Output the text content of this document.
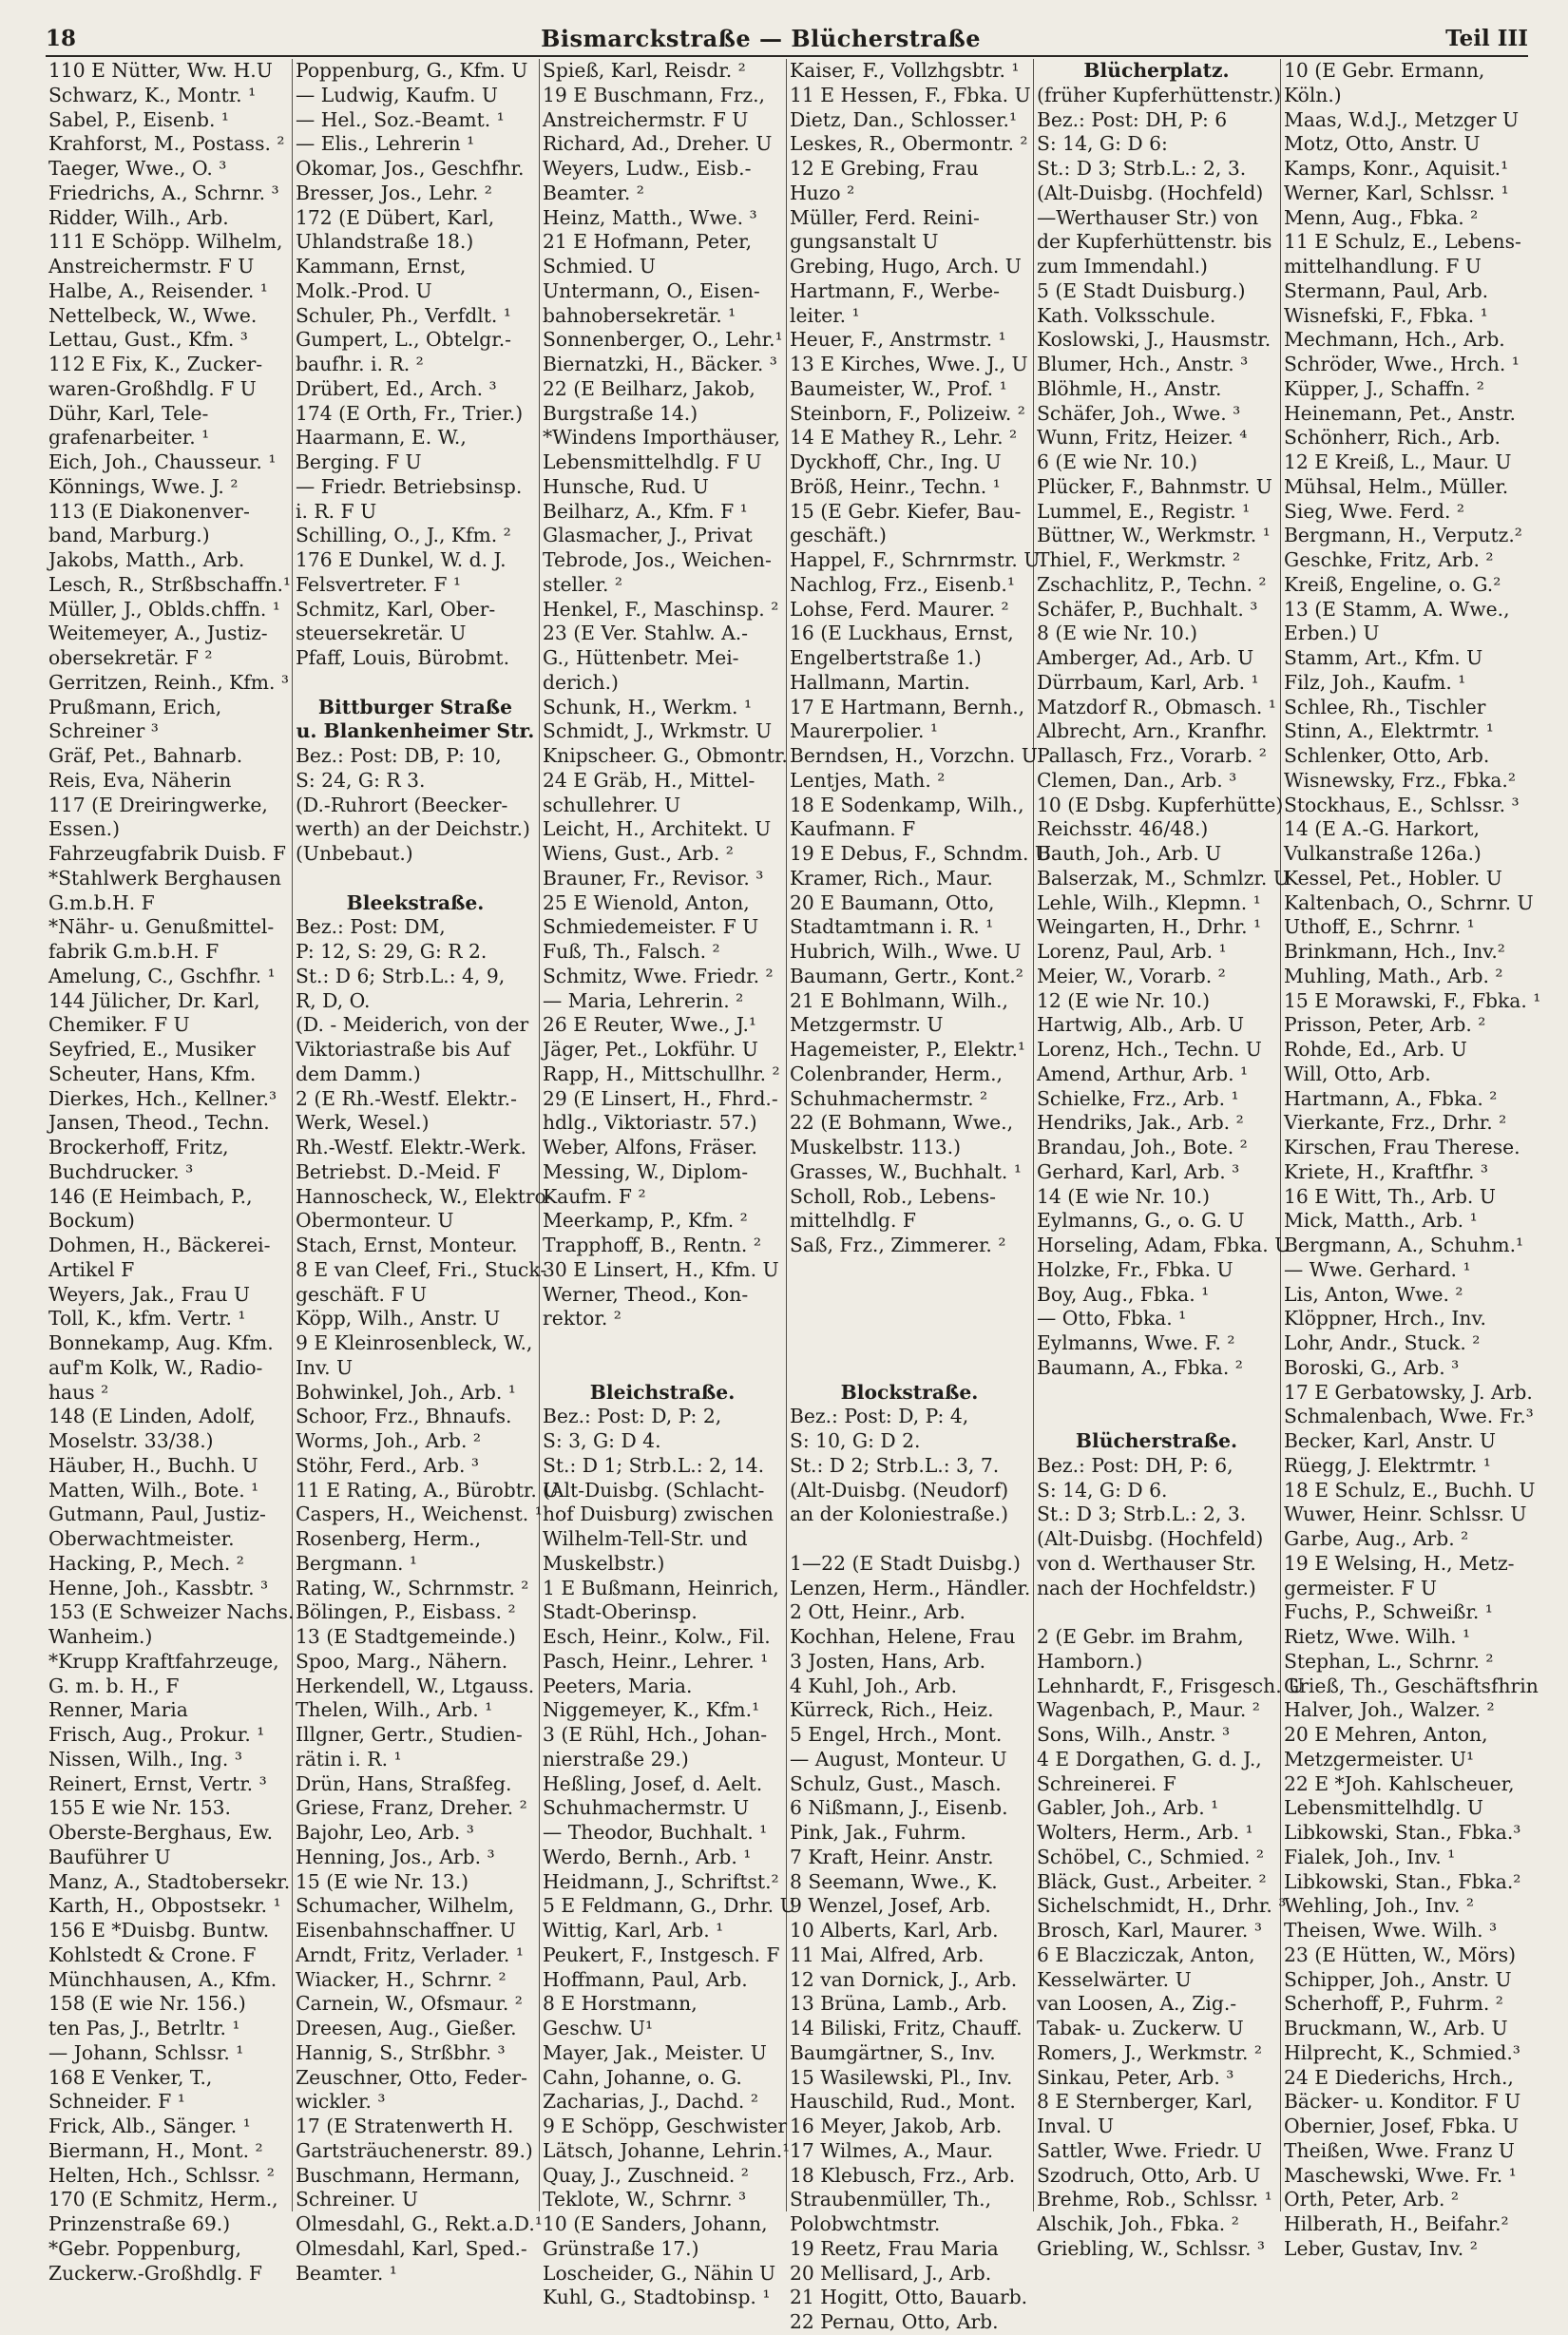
18	Bismarckstraße — Blücherstraße	Teil III
110 E Nütter, Ww. H.U
Schwarz, K., Montr. ¹
Sabel, P., Eisenb. ¹
Krahforst, M., Postass. ²
Taeger, Wwe., O. ³
Friedrichs, A., Schrnr. ³
Ridder, Wilh., Arb.
111 E Schöpp. Wilhelm,
Anstreichermstr. F U
Halbe, A., Reisender. ¹
Nettelbeck, W., Wwe.
Lettau, Gust., Kfm. ³
112 E Fix, K., Zucker-
waren-Großhdlg. F U
Dühr, Karl, Tele-
grafenarbeiter. ¹
Eich, Joh., Chausseur. ¹
Könnings, Wwe. J. ²
113 (E Diakonenver-
band, Marburg.)
Jakobs, Matth., Arb.
Lesch, R., Strßbschaffn.¹
Müller, J., Oblds.chffn. ¹
Weitemeyer, A., Justiz-
obersekretär. F ²
Gerritzen, Reinh., Kfm. ³
Prußmann, Erich,
Schreiner ³
Gräf, Pet., Bahnarb.
Reis, Eva, Näherin
117 (E Dreiringwerke,
Essen.)
Fahrzeugfabrik Duisb. F
*Stahlwerk Berghausen
G.m.b.H. F
*Nähr- u. Genußmittel-
fabrik G.m.b.H. F
Amelung, C., Gschfhr. ¹
144 Jülicher, Dr. Karl,
Chemiker. F U
Seyfried, E., Musiker
Scheuter, Hans, Kfm.
Dierkes, Hch., Kellner.³
Jansen, Theod., Techn.
Brockerhoff, Fritz,
Buchdrucker. ³
146 (E Heimbach, P.,
Bockum)
Dohmen, H., Bäckerei-
Artikel F
Weyers, Jak., Frau U
Toll, K., kfm. Vertr. ¹
Bonnekamp, Aug. Kfm.
auf'm Kolk, W., Radio-
haus ²
148 (E Linden, Adolf,
Moselstr. 33/38.)
Häuber, H., Buchh. U
Matten, Wilh., Bote. ¹
Gutmann, Paul, Justiz-
Oberwachtmeister.
Hacking, P., Mech. ²
Henne, Joh., Kassbtr. ³
153 (E Schweizer Nachs.
Wanheim.)
*Krupp Kraftfahrzeuge,
G. m. b. H., F
Renner, Maria
Frisch, Aug., Prokur. ¹
Nissen, Wilh., Ing. ³
Reinert, Ernst, Vertr. ³
155 E wie Nr. 153.
Oberste-Berghaus, Ew.
Bauführer U
Manz, A., Stadtobersekr.
Karth, H., Obpostsekr. ¹
156 E *Duisbg. Buntw.
Kohlstedt & Crone. F
Münchhausen, A., Kfm.
158 (E wie Nr. 156.)
ten Pas, J., Betrltr. ¹
— Johann, Schlssr. ¹
168 E Venker, T.,
Schneider. F ¹
Frick, Alb., Sänger. ¹
Biermann, H., Mont. ²
Helten, Hch., Schlssr. ²
170 (E Schmitz, Herm.,
Prinzenstraße 69.)
*Gebr. Poppenburg,
Zuckerw.-Großhdlg. F
Poppenburg, G., Kfm. U
— Ludwig, Kaufm. U
— Hel., Soz.-Beamt. ¹
— Elis., Lehrerin ¹
Okomar, Jos., Geschfhr.
Bresser, Jos., Lehr. ²
172 (E Dübert, Karl,
Uhlandstraße 18.)
Kammann, Ernst,
Molk.-Prod. U
Schuler, Ph., Verfdlt. ¹
Gumpert, L., Obtelgr.-
baufhr. i. R. ²
Drübert, Ed., Arch. ³
174 (E Orth, Fr., Trier.)
Haarmann, E. W.,
Berging. F U
— Friedr. Betriebsinsp.
i. R. F U
Schilling, O., J., Kfm. ²
176 E Dunkel, W. d. J.
Felsvertreter. F ¹
Schmitz, Karl, Ober-
steuersekretär. U
Pfaff, Louis, Bürobmt.
Bittburger Straße
u. Blankenheimer Str.
Bez.: Post: DB, P: 10,
S: 24, G: R 3.
(D.-Ruhrort (Beecker-
werth) an der Deichstr.)
(Unbebaut.)
Bleekstraße.
Bez.: Post: DM,
P: 12, S: 29, G: R 2.
St.: D 6; Strb.L.: 4, 9,
R, D, O.
(D. - Meiderich, von der
Viktoriastraße bis Auf
dem Damm.)
2 (E Rh.-Westf. Elektr.-
Werk, Wesel.)
Rh.-Westf. Elektr.-Werk.
Betriebst. D.-Meid. F
Hannoscheck, W., Elektro-
Obermonteur. U
Stach, Ernst, Monteur.
8 E van Cleef, Fri., Stuck-
geschäft. F U
Köpp, Wilh., Anstr. U
9 E Kleinrosenbleck, W.,
Inv. U
Bohwinkel, Joh., Arb. ¹
Schoor, Frz., Bhnaufs.
Worms, Joh., Arb. ²
Stöhr, Ferd., Arb. ³
11 E Rating, A., Bürobtr. U
Caspers, H., Weichenst. ¹
Rosenberg, Herm.,
Bergmann. ¹
Rating, W., Schrnmstr. ²
Bölingen, P., Eisbass. ²
13 (E Stadtgemeinde.)
Spoo, Marg., Nähern.
Herkendell, W., Ltgauss.
Thelen, Wilh., Arb. ¹
Illgner, Gertr., Studien-
rätin i. R. ¹
Drün, Hans, Straßfeg.
Griese, Franz, Dreher. ²
Bajohr, Leo, Arb. ³
Henning, Jos., Arb. ³
15 (E wie Nr. 13.)
Schumacher, Wilhelm,
Eisenbahnschaffner. U
Arndt, Fritz, Verlader. ¹
Wiacker, H., Schrnr. ²
Carnein, W., Ofsmaur. ²
Dreesen, Aug., Gießer.
Hannig, S., Strßbhr. ³
Zeuschner, Otto, Feder-
wickler. ³
17 (E Stratenwerth H.
Gartsträuchenerstr. 89.)
Buschmann, Hermann,
Schreiner. U
Olmesdahl, G., Rekt.a.D.¹
Olmesdahl, Karl, Sped.-
Beamter. ¹
Spieß, Karl, Reisdr. ²
19 E Buschmann, Frz.,
Anstreichermstr. F U
Richard, Ad., Dreher. U
Weyers, Ludw., Eisb.-
Beamter. ²
Heinz, Matth., Wwe. ³
21 E Hofmann, Peter,
Schmied. U
Untermann, O., Eisen-
bahnobersekretär. ¹
Sonnenberger, O., Lehr.¹
Biernatzki, H., Bäcker. ³
22 (E Beilharz, Jakob,
Burgstraße 14.)
*Windens Importhäuser,
Lebensmittelhdlg. F U
Hunsche, Rud. U
Beilharz, A., Kfm. F ¹
Glasmacher, J., Privat
Tebrode, Jos., Weichen-
steller. ²
Henkel, F., Maschinsp. ²
23 (E Ver. Stahlw. A.-
G., Hüttenbetr. Mei-
derich.)
Schunk, H., Werkm. ¹
Schmidt, J., Wrkmstr. U
Knipscheer. G., Obmontr.
24 E Gräb, H., Mittel-
schullehrer. U
Leicht, H., Architekt. U
Wiens, Gust., Arb. ²
Brauner, Fr., Revisor. ³
25 E Wienold, Anton,
Schmiedemeister. F U
Fuß, Th., Falsch. ²
Schmitz, Wwe. Friedr. ²
— Maria, Lehrerin. ²
26 E Reuter, Wwe., J.¹
Jäger, Pet., Lokführ. U
Rapp, H., Mittschullhr. ²
29 (E Linsert, H., Fhrd.-
hdlg., Viktoriastr. 57.)
Weber, Alfons, Fräser.
Messing, W., Diplom-
Kaufm. F ²
Meerkamp, P., Kfm. ²
Trapphoff, B., Rentn. ²
30 E Linsert, H., Kfm. U
Werner, Theod., Kon-
rektor. ²
Bleichstraße.
Bez.: Post: D, P: 2,
S: 3, G: D 4.
St.: D 1; Strb.L.: 2, 14.
(Alt-Duisbg. (Schlacht-
hof Duisburg) zwischen
Wilhelm-Tell-Str. und
Muskelbstr.)
1 E Bußmann, Heinrich,
Stadt-Oberinsp.
Esch, Heinr., Kolw., Fil.
Pasch, Heinr., Lehrer. ¹
Peeters, Maria.
Niggemeyer, K., Kfm.¹
3 (E Rühl, Hch., Johan-
nierstraße 29.)
Heßling, Josef, d. Aelt.
Schuhmachermstr. U
— Theodor, Buchhalt. ¹
Werdo, Bernh., Arb. ¹
Heidmann, J., Schriftst.²
5 E Feldmann, G., Drhr. U
Wittig, Karl, Arb. ¹
Peukert, F., Instgesch. F
Hoffmann, Paul, Arb.
8 E Horstmann,
Geschw. U¹
Mayer, Jak., Meister. U
Cahn, Johanne, o. G.
Zacharias, J., Dachd. ²
9 E Schöpp, Geschwister
Lätsch, Johanne, Lehrin.¹
Quay, J., Zuschneid. ²
Teklote, W., Schrnr. ³
10 (E Sanders, Johann,
Grünstraße 17.)
Loscheider, G., Nähin U
Kuhl, G., Stadtobinsp. ¹
Kaiser, F., Vollzhgsbtr. ¹
11 E Hessen, F., Fbka. U
Dietz, Dan., Schlosser.¹
Leskes, R., Obermontr. ²
12 E Grebing, Frau
Huzo ²
Müller, Ferd. Reini-
gungsanstalt U
Grebing, Hugo, Arch. U
Hartmann, F., Werbe-
leiter. ¹
Heuer, F., Anstrmstr. ¹
13 E Kirches, Wwe. J., U
Baumeister, W., Prof. ¹
Steinborn, F., Polizeiw. ²
14 E Mathey R., Lehr. ²
Dyckhoff, Chr., Ing. U
Bröß, Heinr., Techn. ¹
15 (E Gebr. Kiefer, Bau-
geschäft.)
Happel, F., Schrnrmstr. U
Nachlog, Frz., Eisenb.¹
Lohse, Ferd. Maurer. ²
16 (E Luckhaus, Ernst,
Engelbertstraße 1.)
Hallmann, Martin.
17 E Hartmann, Bernh.,
Maurerpolier. ¹
Berndsen, H., Vorzchn. U
Lentjes, Math. ²
18 E Sodenkamp, Wilh.,
Kaufmann. F
19 E Debus, F., Schndm. U
Kramer, Rich., Maur.
20 E Baumann, Otto,
Stadtamtmann i. R. ¹
Hubrich, Wilh., Wwe. U
Baumann, Gertr., Kont.²
21 E Bohlmann, Wilh.,
Metzgermstr. U
Hagemeister, P., Elektr.¹
Colenbrander, Herm.,
Schuhmachermstr. ²
22 (E Bohmann, Wwe.,
Muskelbstr. 113.)
Grasses, W., Buchhalt. ¹
Scholl, Rob., Lebens-
mittelhdlg. F
Saß, Frz., Zimmerer. ²
Blockstraße.
Bez.: Post: D, P: 4,
S: 10, G: D 2.
St.: D 2; Strb.L.: 3, 7.
(Alt-Duisbg. (Neudorf)
an der Koloniestraße.)
1—22 (E Stadt Duisbg.)
Lenzen, Herm., Händler.
2 Ott, Heinr., Arb.
Kochhan, Helene, Frau
3 Josten, Hans, Arb.
4 Kuhl, Joh., Arb.
Kürreck, Rich., Heiz.
5 Engel, Hrch., Mont.
— August, Monteur. U
Schulz, Gust., Masch.
6 Nißmann, J., Eisenb.
Pink, Jak., Fuhrm.
7 Kraft, Heinr. Anstr.
8 Seemann, Wwe., K.
9 Wenzel, Josef, Arb.
10 Alberts, Karl, Arb.
11 Mai, Alfred, Arb.
12 van Dornick, J., Arb.
13 Brüna, Lamb., Arb.
14 Biliski, Fritz, Chauff.
Baumgärtner, S., Inv.
15 Wasilewski, Pl., Inv.
Hauschild, Rud., Mont.
16 Meyer, Jakob, Arb.
17 Wilmes, A., Maur.
18 Klebusch, Frz., Arb.
Straubenmüller, Th.,
Polobwchtmstr.
19 Reetz, Frau Maria
20 Mellisard, J., Arb.
21 Hogitt, Otto, Bauarb.
22 Pernau, Otto, Arb.
Blücherplatz.
(früher Kupferhüttenstr.)
Bez.: Post: DH, P: 6
S: 14, G: D 6:
St.: D 3; Strb.L.: 2, 3.
(Alt-Duisbg. (Hochfeld)
—Werthauser Str.) von
der Kupferhüttenstr. bis
zum Immendahl.)
5 (E Stadt Duisburg.)
Kath. Volksschule.
Koslowski, J., Hausmstr.
Blumer, Hch., Anstr. ³
Blöhmle, H., Anstr.
Schäfer, Joh., Wwe. ³
Wunn, Fritz, Heizer. ⁴
6 (E wie Nr. 10.)
Plücker, F., Bahnmstr. U
Lummel, E., Registr. ¹
Büttner, W., Werkmstr. ¹
Thiel, F., Werkmstr. ²
Zschachlitz, P., Techn. ²
Schäfer, P., Buchhalt. ³
8 (E wie Nr. 10.)
Amberger, Ad., Arb. U
Dürrbaum, Karl, Arb. ¹
Matzdorf R., Obmasch. ¹
Albrecht, Arn., Kranfhr.
Pallasch, Frz., Vorarb. ²
Clemen, Dan., Arb. ³
10 (E Dsbg. Kupferhütte)
Reichsstr. 46/48.)
Bauth, Joh., Arb. U
Balserzak, M., Schmlzr. U
Lehle, Wilh., Klepmn. ¹
Weingarten, H., Drhr. ¹
Lorenz, Paul, Arb. ¹
Meier, W., Vorarb. ²
12 (E wie Nr. 10.)
Hartwig, Alb., Arb. U
Lorenz, Hch., Techn. U
Amend, Arthur, Arb. ¹
Schielke, Frz., Arb. ¹
Hendriks, Jak., Arb. ²
Brandau, Joh., Bote. ²
Gerhard, Karl, Arb. ³
14 (E wie Nr. 10.)
Eylmanns, G., o. G. U
Horseling, Adam, Fbka. U
Holzke, Fr., Fbka. U
Boy, Aug., Fbka. ¹
— Otto, Fbka. ¹
Eylmanns, Wwe. F. ²
Baumann, A., Fbka. ²
Blücherstraße.
Bez.: Post: DH, P: 6,
S: 14, G: D 6.
St.: D 3; Strb.L.: 2, 3.
(Alt-Duisbg. (Hochfeld)
von d. Werthauser Str.
nach der Hochfeldstr.)
2 (E Gebr. im Brahm,
Hamborn.)
Lehnhardt, F., Frisgesch. U
Wagenbach, P., Maur. ²
Sons, Wilh., Anstr. ³
4 E Dorgathen, G. d. J.,
Schreinerei. F
Gabler, Joh., Arb. ¹
Wolters, Herm., Arb. ¹
Schöbel, C., Schmied. ²
Bläck, Gust., Arbeiter. ²
Sichelschmidt, H., Drhr. ³
Brosch, Karl, Maurer. ³
6 E Blacziczak, Anton,
Kesselwärter. U
van Loosen, A., Zig.-
Tabak- u. Zuckerw. U
Romers, J., Werkmstr. ²
Sinkau, Peter, Arb. ³
8 E Sternberger, Karl,
Inval. U
Sattler, Wwe. Friedr. U
Szodruch, Otto, Arb. U
Brehme, Rob., Schlssr. ¹
Alschik, Joh., Fbka. ²
Griebling, W., Schlssr. ³
10 (E Gebr. Ermann,
Köln.)
Maas, W.d.J., Metzger U
Motz, Otto, Anstr. U
Kamps, Konr., Aquisit.¹
Werner, Karl, Schlssr. ¹
Menn, Aug., Fbka. ²
11 E Schulz, E., Lebens-
mittelhandlung. F U
Stermann, Paul, Arb.
Wisnefski, F., Fbka. ¹
Mechmann, Hch., Arb.
Schröder, Wwe., Hrch. ¹
Küpper, J., Schaffn. ²
Heinemann, Pet., Anstr.
Schönherr, Rich., Arb.
12 E Kreiß, L., Maur. U
Mühsal, Helm., Müller.
Sieg, Wwe. Ferd. ²
Bergmann, H., Verputz.²
Geschke, Fritz, Arb. ²
Kreiß, Engeline, o. G.²
13 (E Stamm, A. Wwe.,
Erben.) U
Stamm, Art., Kfm. U
Filz, Joh., Kaufm. ¹
Schlee, Rh., Tischler
Stinn, A., Elektrmtr. ¹
Schlenker, Otto, Arb.
Wisnewsky, Frz., Fbka.²
Stockhaus, E., Schlssr. ³
14 (E A.-G. Harkort,
Vulkanstraße 126a.)
Kessel, Pet., Hobler. U
Kaltenbach, O., Schrnr. U
Uthoff, E., Schrnr. ¹
Brinkmann, Hch., Inv.²
Muhling, Math., Arb. ²
15 E Morawski, F., Fbka. ¹
Prisson, Peter, Arb. ²
Rohde, Ed., Arb. U
Will, Otto, Arb.
Hartmann, A., Fbka. ²
Vierkante, Frz., Drhr. ²
Kirschen, Frau Therese.
Kriete, H., Kraftfhr. ³
16 E Witt, Th., Arb. U
Mick, Matth., Arb. ¹
Bergmann, A., Schuhm.¹
— Wwe. Gerhard. ¹
Lis, Anton, Wwe. ²
Klöppner, Hrch., Inv.
Lohr, Andr., Stuck. ²
Boroski, G., Arb. ³
17 E Gerbatowsky, J. Arb.
Schmalenbach, Wwe. Fr.³
Becker, Karl, Anstr. U
Rüegg, J. Elektrmtr. ¹
18 E Schulz, E., Buchh. U
Wuwer, Heinr. Schlssr. U
Garbe, Aug., Arb. ²
19 E Welsing, H., Metz-
germeister. F U
Fuchs, P., Schweißr. ¹
Rietz, Wwe. Wilh. ¹
Stephan, L., Schrnr. ²
Grieß, Th., Geschäftsfhrin
Halver, Joh., Walzer. ²
20 E Mehren, Anton,
Metzgermeister. U¹
22 E *Joh. Kahlscheuer,
Lebensmittelhdlg. U
Libkowski, Stan., Fbka.³
Fialek, Joh., Inv. ¹
Libkowski, Stan., Fbka.²
Wehling, Joh., Inv. ²
Theisen, Wwe. Wilh. ³
23 (E Hütten, W., Mörs)
Schipper, Joh., Anstr. U
Scherhoff, P., Fuhrm. ²
Bruckmann, W., Arb. U
Hilprecht, K., Schmied.³
24 E Diederichs, Hrch.,
Bäcker- u. Konditor. F U
Obernier, Josef, Fbka. U
Theißen, Wwe. Franz U
Maschewski, Wwe. Fr. ¹
Orth, Peter, Arb. ²
Hilberath, H., Beifahr.²
Leber, Gustav, Inv. ²
